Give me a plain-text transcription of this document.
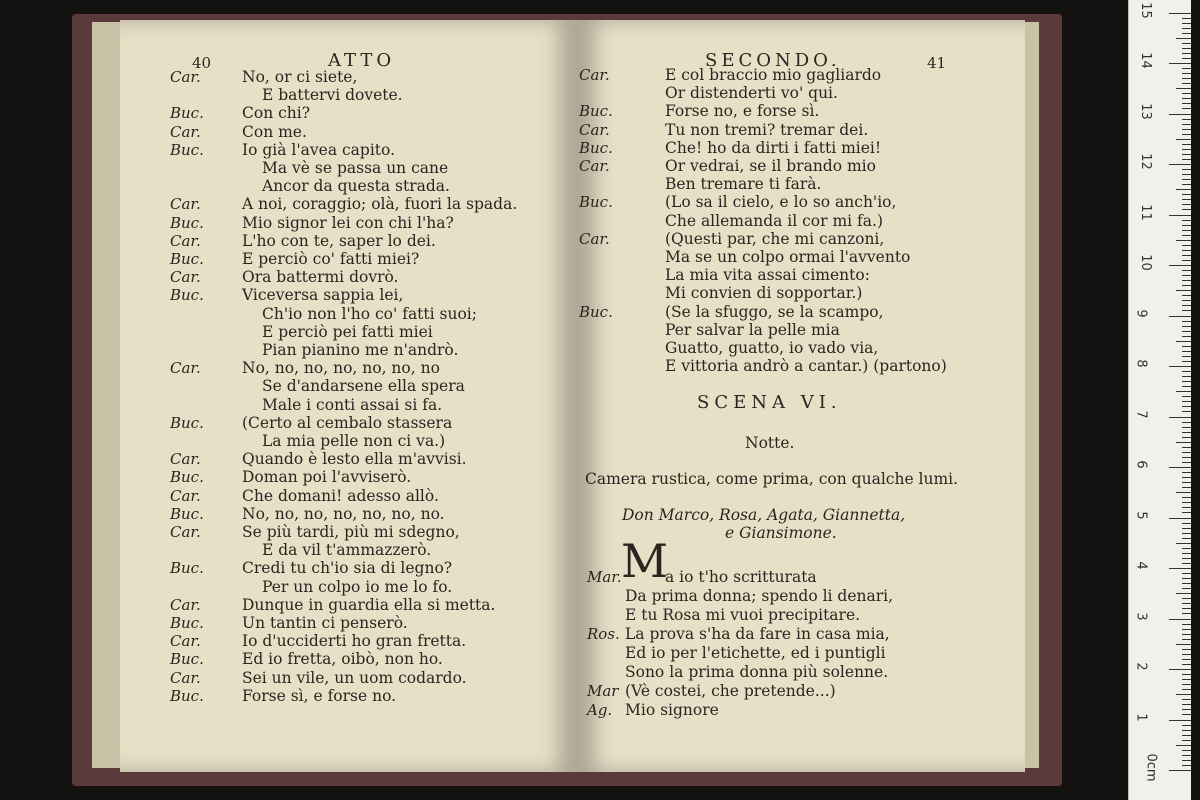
40	ATTO
Car.	No, or ci siete,
E battervi dovete.
Buc. Con chi?
Car.	Con me.
Buc. Io già l'avea capito.
Ma vè se passa un cane
Ancor da questa strada.
Car.	A noi, coraggio; olà, fuori la spada.
Buc. Mio signor lei con chi l'ha?
Car.	L'ho con te, saper lo dei.
Buc. E perciò co' fatti miei?
Car.	Ora battermi dovrò.
Buc. Viceversa sappia lei,
Ch'io non l'ho co' fatti suoi;
E perciò pei fatti miei
Pian pianino me n'andrò.
Car.	No, no, no, no, no, no, no
Se d'andarsene ella spera
Male i conti assai si fa.
Buc. (Certo al cembalo stassera
La mia pelle non ci va.)
Car.	Quando è lesto ella m'avvisi.
Buc. Doman poi l'avviserò.
Car.	Che domani! adesso allò.
Buc. No, no, no, no, no, no, no.
Car.	Se più tardi, più mi sdegno,
E da vil t'ammazzerò.
Buc. Credi tu ch'io sia di legno?
Per un colpo io me lo fo.
Car.	Dunque in guardia ella si metta.
Buc. Un tantin ci penserò.
Car.	Io d'ucciderti ho gran fretta.
Buc. Ed io fretta, oibò, non ho.
Car.	Sei un vile, un uom codardo.
Buc. Forse sì, e forse no.
SECONDO.	41
Car.	E col braccio mio gagliardo
Or distenderti vo' qui.
Buc.	Forse no, e forse sì.
Car.	Tu non tremi? tremar dei.
Buc.	Che! ho da dirti i fatti miei!
Car.	Or vedrai, se il brando mio
Ben tremare ti farà.
Buc.	(Lo sa il cielo, e lo so anch'io,
Che allemanda il cor mi fa.)
Car.	(Questi par, che mi canzoni,
Ma se un colpo ormai l'avvento
La mia vita assai cimento:
Mi convien di sopportar.)
Buc.	(Se la sfuggo, se la scampo,
Per salvar la pelle mia
Guatto, guatto, io vado via,
E vittoria andrò a cantar.) (partono)
SCENA VI.
Notte.
Camera rustica, come prima, con qualche lumi.
Don Marco, Rosa, Agata, Giannetta,
e Giansimone.
M
Mar.	a io t'ho scritturata
Da prima donna; spendo li denari,
E tu Rosa mi vuoi precipitare.
Ros. La prova s'ha da fare in casa mia,
Ed io per l'etichette, ed i puntigli
Sono la prima donna più solenne.
Mar (Vè costei, che pretende...)
Ag. Mio signore
0cm
1
2
3
4
5
6
7
8
9
10
11
12
13
14
15
